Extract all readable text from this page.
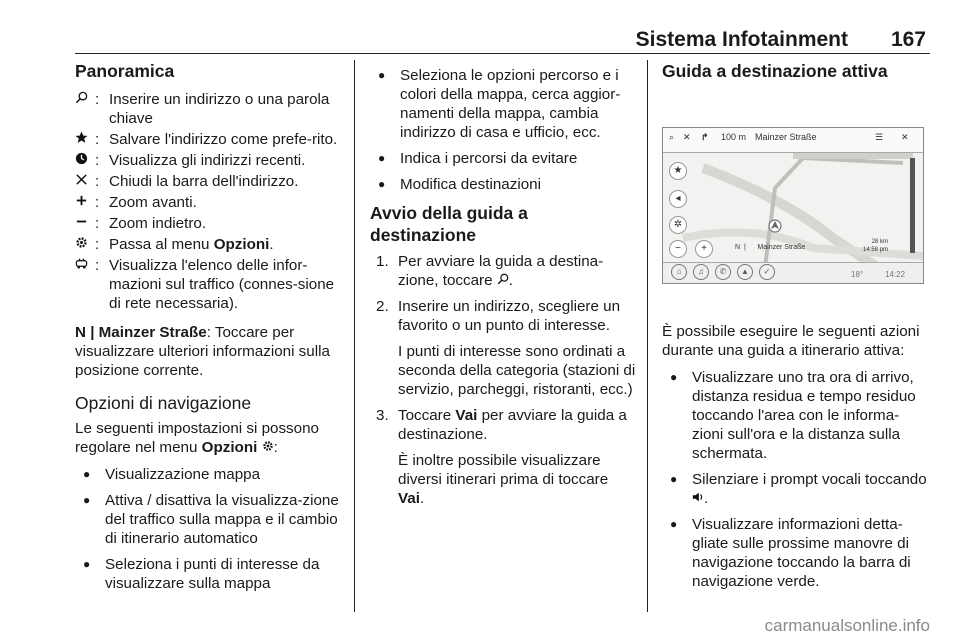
Sistema Infotainment 167
Panoramica
: Inserire un indirizzo o una parola chiave
: Salvare l'indirizzo come prefe-rito.
: Visualizza gli indirizzi recenti.
: Chiudi la barra dell'indirizzo.
: Zoom avanti.
: Zoom indietro.
: Passa al menu Opzioni.
: Visualizza l'elenco delle infor-mazioni sul traffico (connes-sione di rete necessaria).

N | Mainzer Straße: Toccare per visualizzare ulteriori informazioni sulla posizione corrente.

Opzioni di navigazione

Le seguenti impostazioni si possono regolare nel menu Opzioni :

● Visualizzazione mappa
● Attiva / disattiva la visualizza-zione del traffico sulla mappa e il cambio di itinerario automatico
● Seleziona i punti di interesse da visualizzare sulla mappa
● Seleziona le opzioni percorso e i colori della mappa, cerca aggior-namenti della mappa, cambia indirizzo di casa e ufficio, ecc.
● Indica i percorsi da evitare
● Modifica destinazioni
Avvio della guida a destinazione
1. Per avviare la guida a destina-zione, toccare .

2. Inserire un indirizzo, scegliere un favorito o un punto di interesse.

I punti di interesse sono ordinati a seconda della categoria (stazioni di servizio, parcheggi, ristoranti, ecc.)

3. Toccare Vai per avviare la guida a destinazione.

È inoltre possibile visualizzare diversi itinerari prima di toccare Vai.

Guida a destinazione attiva
⌕ ✕ ↱ 100 m Mainzer Straße	☰ ✕
★
◂
✲
−	+	N  |      Mainzer Straße
28 km
14:58 pm
⌂	♫	✆	▲	✓	18°	14:22

È possibile eseguire le seguenti azioni durante una guida a itinerario attiva:

● Visualizzare uno tra ora di arrivo, distanza residua e tempo residuo toccando l'area con le informa-zioni sull'ora e la distanza sulla schermata.
● Silenziare i prompt vocali toccando .
● Visualizzare informazioni detta-gliate sulle prossime manovre di navigazione toccando la barra di navigazione verde.
carmanualsonline.info
